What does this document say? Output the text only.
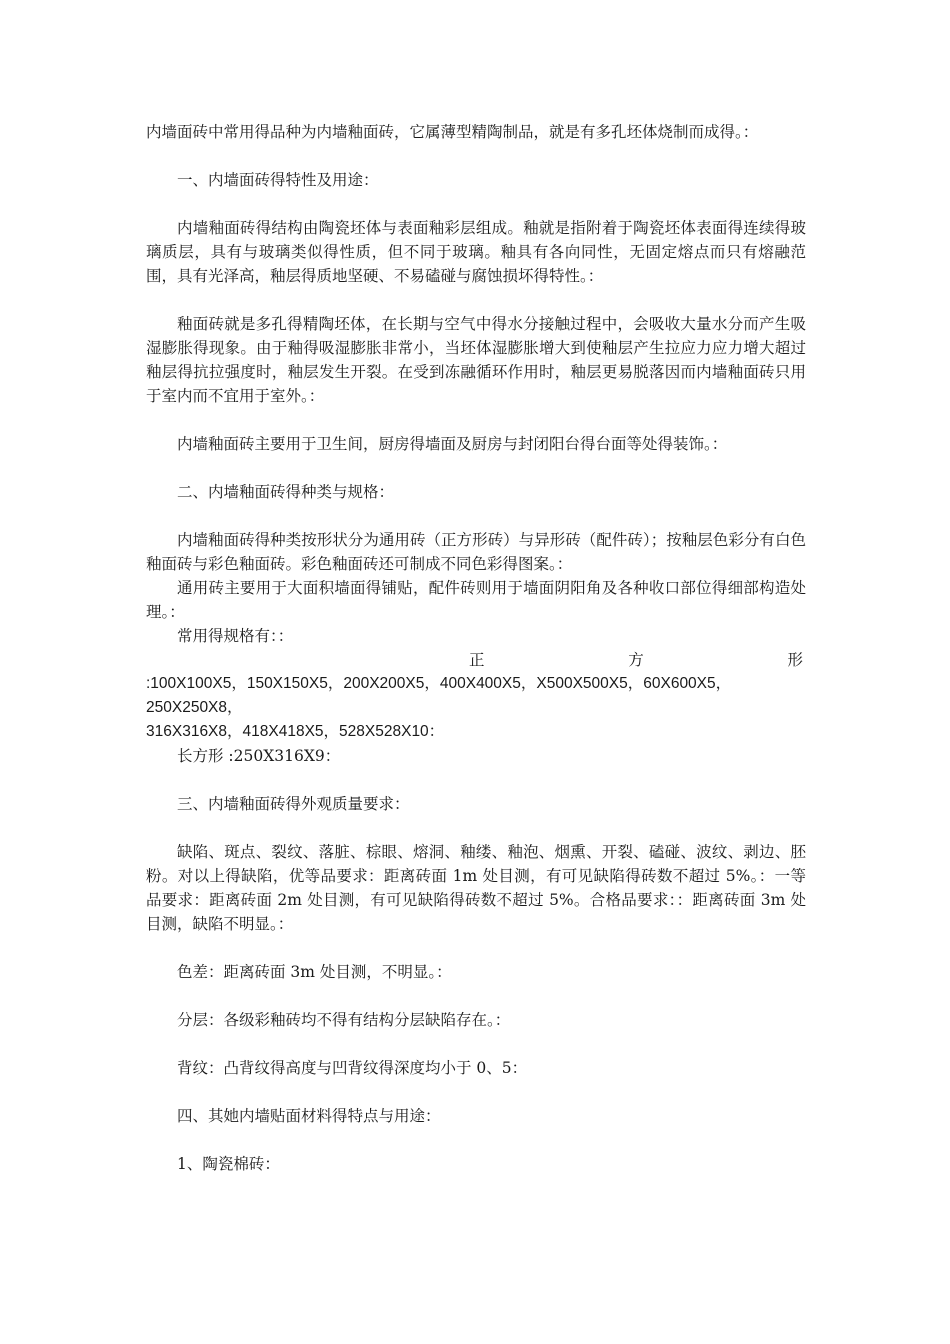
内墙面砖中常用得品种为内墙釉面砖，它属薄型精陶制品，就是有多孔坯体烧制而成得。：

一、内墙面砖得特性及用途：

内墙釉面砖得结构由陶瓷坯体与表面釉彩层组成。釉就是指附着于陶瓷坯体表面得连续得玻璃质层，具有与玻璃类似得性质，但不同于玻璃。釉具有各向同性，无固定熔点而只有熔融范围，具有光泽高，釉层得质地坚硬、不易磕碰与腐蚀损坏得特性。：

釉面砖就是多孔得精陶坯体，在长期与空气中得水分接触过程中，会吸收大量水分而产生吸湿膨胀得现象。由于釉得吸湿膨胀非常小，当坯体湿膨胀增大到使釉层产生拉应力应力增大超过釉层得抗拉强度时，釉层发生开裂。在受到冻融循环作用时，釉层更易脱落因而内墙釉面砖只用于室内而不宜用于室外。：

内墙釉面砖主要用于卫生间，厨房得墙面及厨房与封闭阳台得台面等处得装饰。：

二、内墙釉面砖得种类与规格：

内墙釉面砖得种类按形状分为通用砖（正方形砖）与异形砖（配件砖）；按釉层色彩分有白色釉面砖与彩色釉面砖。彩色釉面砖还可制成不同色彩得图案。：

通用砖主要用于大面积墙面得铺贴，配件砖则用于墙面阴阳角及各种收口部位得细部构造处理。：

常用得规格有：：

正	方	形

:100X100X5，150X150X5，200X200X5，400X400X5，X500X500X5，60X600X5，250X250X8，

316X316X8，418X418X5，528X528X10：

长方形 :250X316X9：

三、内墙釉面砖得外观质量要求：

缺陷、斑点、裂纹、落脏、棕眼、熔洞、釉缕、釉泡、烟熏、开裂、磕碰、波纹、剥边、胚粉。对以上得缺陷，优等品要求：距离砖面 1m 处目测，有可见缺陷得砖数不超过 5%。：一等品要求：距离砖面 2m 处目测，有可见缺陷得砖数不超过 5%。合格品要求：：距离砖面 3m 处目测，缺陷不明显。：

色差：距离砖面 3m 处目测，不明显。：

分层：各级彩釉砖均不得有结构分层缺陷存在。：

背纹：凸背纹得高度与凹背纹得深度均小于 0、5：

四、其她内墙贴面材料得特点与用途：

1、陶瓷棉砖：
